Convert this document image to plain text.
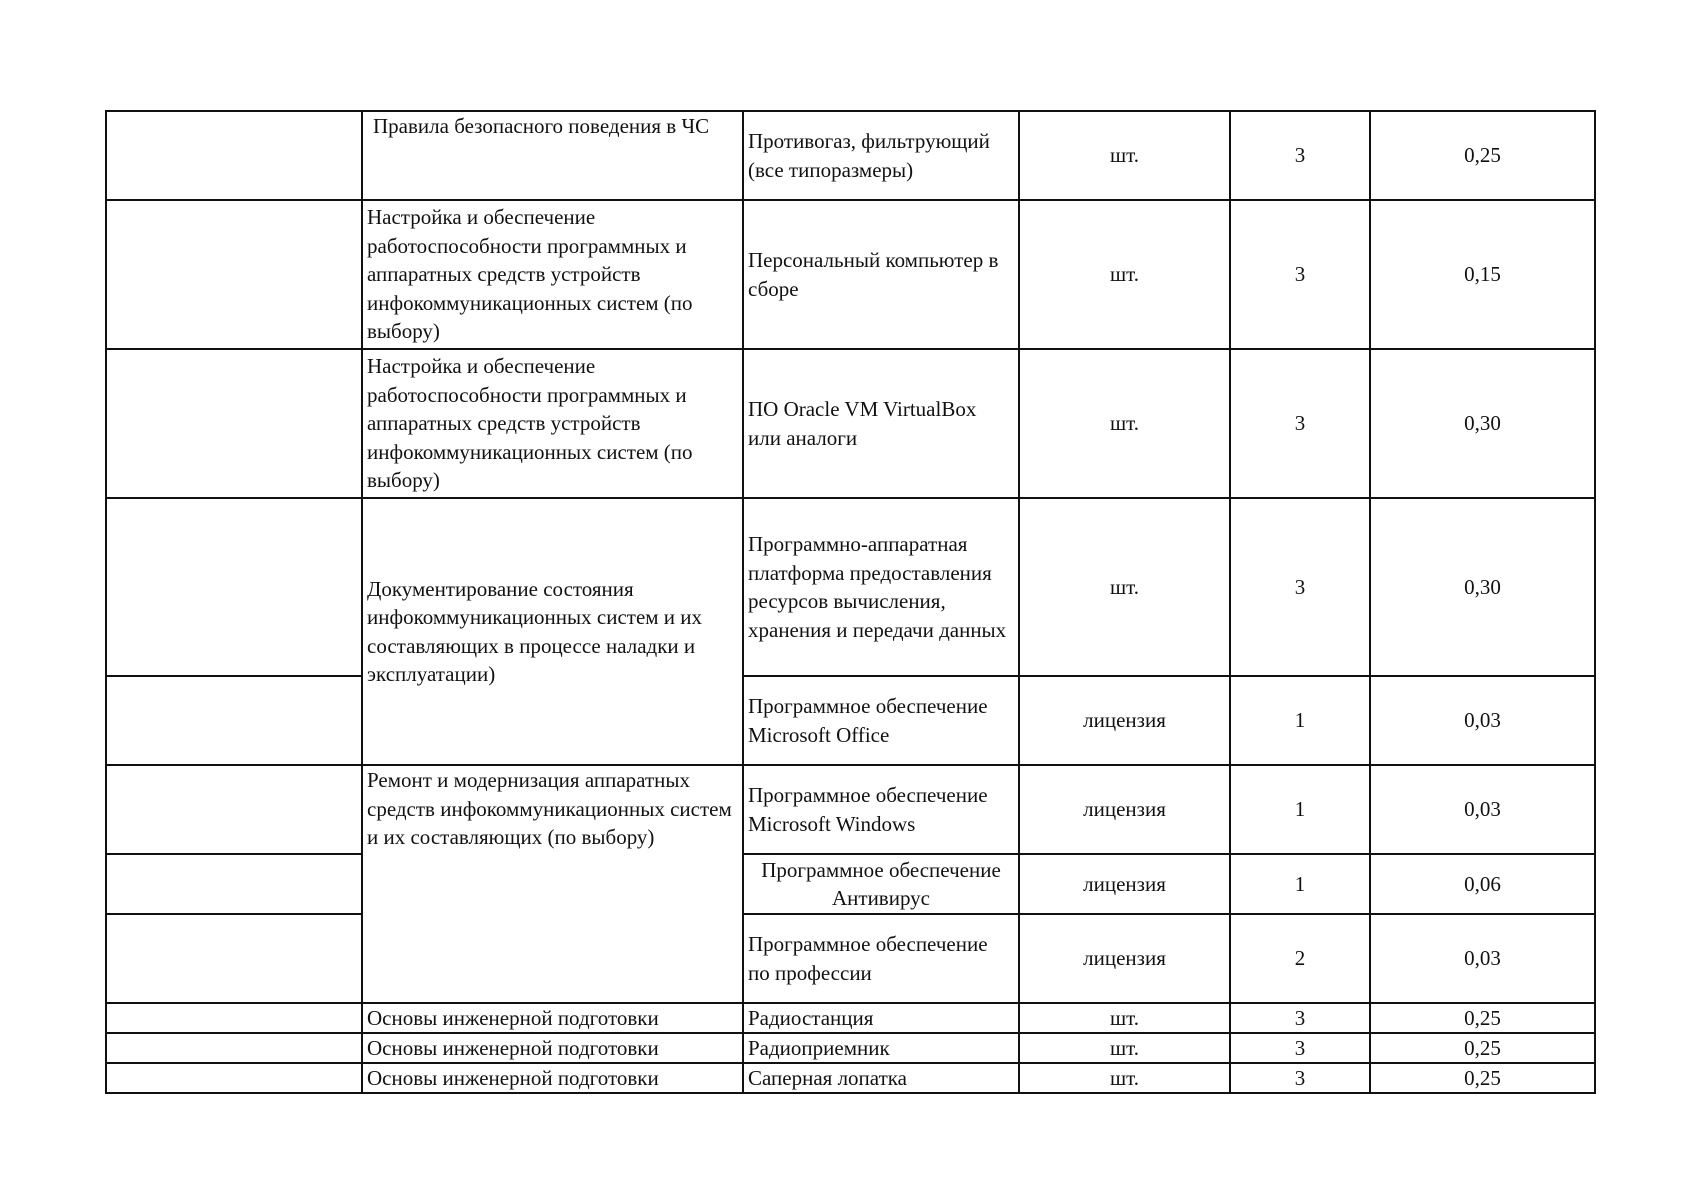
	Правила безопасного поведения в ЧС	Противогаз, фильтрующий (все типоразмеры)	шт.	3	0,25
	Настройка и обеспечение работоспособности программных и аппаратных средств устройств инфокоммуникационных систем (по выбору)	Персональный компьютер в сборе	шт.	3	0,15
	Настройка и обеспечение работоспособности программных и аппаратных средств устройств инфокоммуникационных систем (по выбору)	ПО Oracle VM VirtualBox или аналоги	шт.	3	0,30
	Документирование состояния инфокоммуникационных систем и их составляющих в процессе наладки и эксплуатации)	Программно-аппаратная платформа предоставления ресурсов вычисления, хранения и передачи данных	шт.	3	0,30
		Программное обеспечение Microsoft Office	лицензия	1	0,03
	Ремонт и модернизация аппаратных средств инфокоммуникационных систем и их составляющих (по выбору)	Программное обеспечение Microsoft Windows	лицензия	1	0,03
		Программное обеспечение Антивирус	лицензия	1	0,06
		Программное обеспечение по профессии	лицензия	2	0,03
	Основы инженерной подготовки	Радиостанция	шт.	3	0,25
	Основы инженерной подготовки	Радиоприемник	шт.	3	0,25
	Основы инженерной подготовки	Саперная лопатка	шт.	3	0,25
